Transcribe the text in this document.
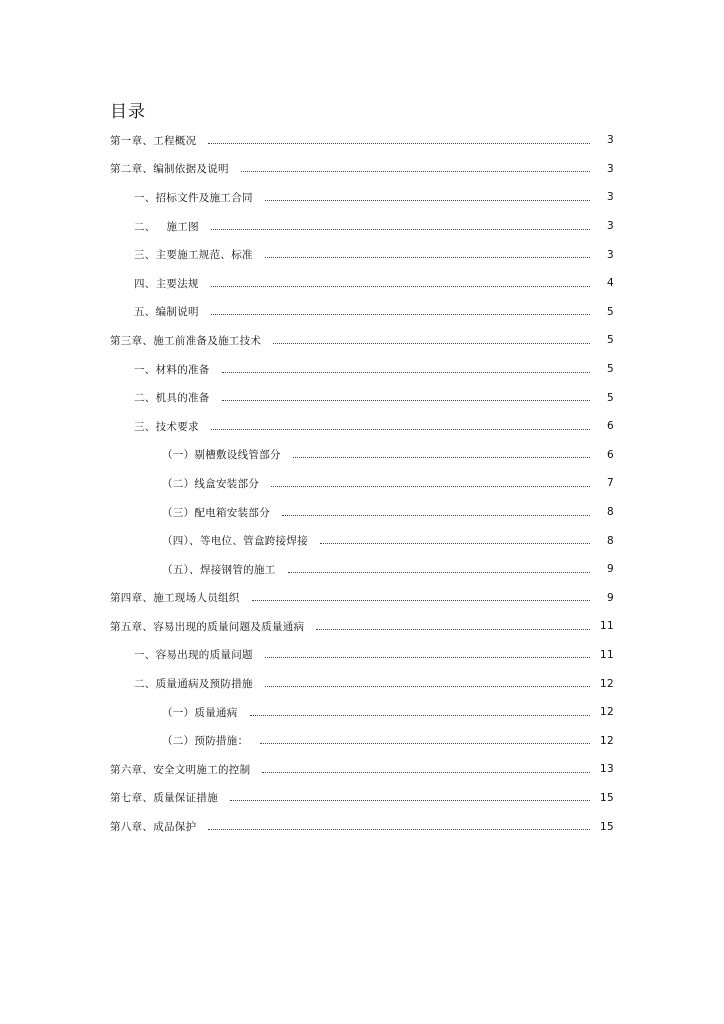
目录
第一章、工程概况	3
第二章、编制依据及说明	3
一、招标文件及施工合同	3
二、   施工图	3
三、主要施工规范、标准	3
四、主要法规	4
五、编制说明	5
第三章、施工前准备及施工技术	5
一、材料的准备	5
二、机具的准备	5
三、技术要求	6
（一）剔槽敷设线管部分	6
（二）线盒安装部分	7
（三）配电箱安装部分	8
（四）、等电位、管盒跨接焊接	8
（五）、焊接钢管的施工	9
第四章、施工现场人员组织	9
第五章、容易出现的质量问题及质量通病	11
一、容易出现的质量问题	11
二、质量通病及预防措施	12
（一）质量通病	12
（二）预防措施：	12
第六章、安全文明施工的控制	13
第七章、质量保证措施	15
第八章、成品保护	15
